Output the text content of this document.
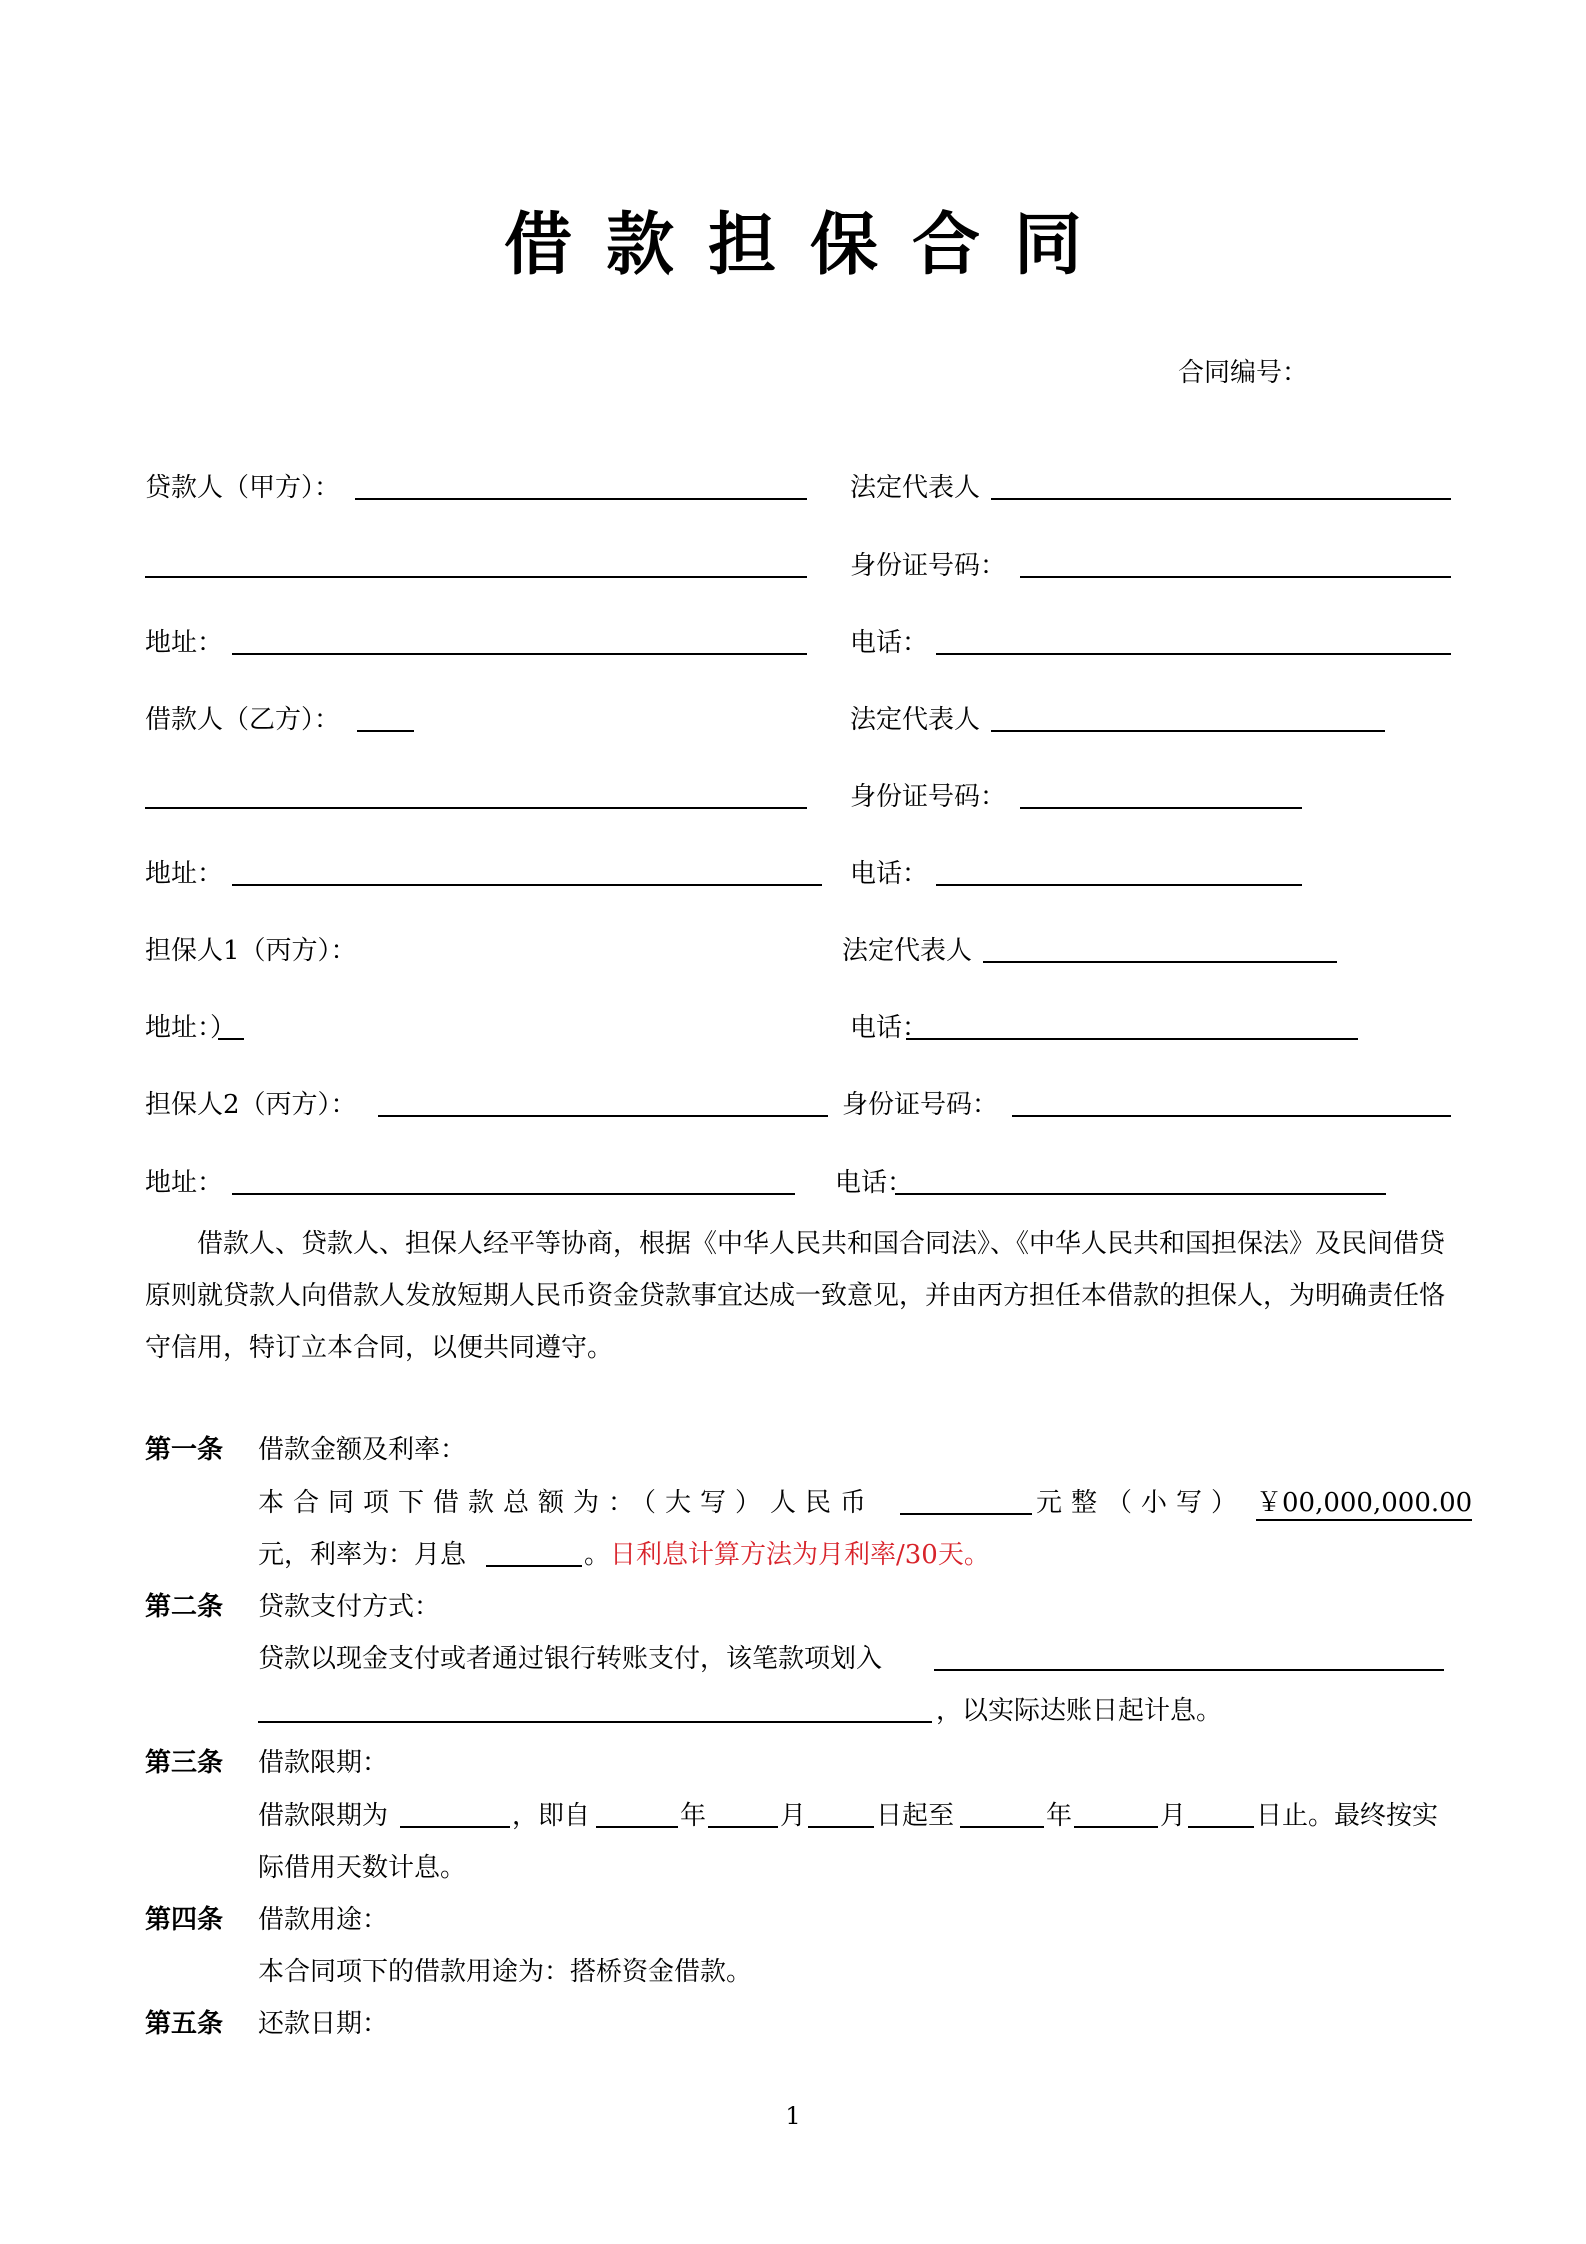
借款担保合同
合同编号：
贷款人（甲方）：	法定代表人
身份证号码：
地址：	电话：
借款人（乙方）：	法定代表人
身份证号码：
地址：	电话：
担保人1（丙方）：	法定代表人
地址：）	电话：
担保人2（丙方）：	身份证号码：
地址：	电话：

借款人、贷款人、担保人经平等协商，根据《中华人民共和国合同法》、《中华人民共和国担保法》及民间借贷原则就贷款人向借款人发放短期人民币资金贷款事宜达成一致意见，并由丙方担任本借款的担保人，为明确责任恪守信用，特订立本合同，以便共同遵守。

第一条 借款金额及利率：
本合同项下借款总额为：（大写）人民币	元整（小写） ￥00,000,000.00
元，利率为：月息	。 日利息计算方法为月利率/30天。
第二条 贷款支付方式：
贷款以现金支付或者通过银行转账支付，该笔款项划入
，以实际达账日起计息。
第三条 借款限期：
借款限期为	，即自	年	月	日起至	年	月	日止。最终按实
际借用天数计息。
第四条 借款用途：
本合同项下的借款用途为：搭桥资金借款。
第五条 还款日期：
1
